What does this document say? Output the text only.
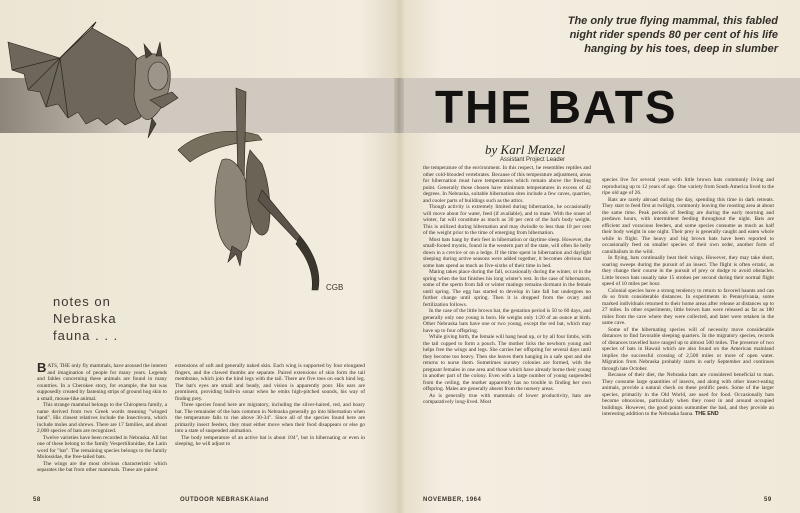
CGB
The only true flying mammal, this fabled night rider spends 80 per cent of his life hanging by his toes, deep in slumber
THE BATS
by Karl Menzel
Assistant Project Leader
notes on Nebraska fauna . . .

BATS, THE only fly mammals, have aroused the interest and imagination of people for many years. Legends and fables concerning these animals are found in many countries. In a Cherokee story, for example, the bat was supposedly created by fastening strips of ground hog skin to a small, mouse-like animal.

This strange mammal belongs to the Chiroptera family, a name derived from two Greek words meaning "winged hand". His closest relatives include the Insectivora, which include moles and shrews. There are 17 families, and about 2,000 species of bats are recognized.

Twelve varieties have been recorded in Nebraska. All but one of these belong to the family Vespertilionidae, the Latin word for "bat". The remaining species belongs to the family Molossidae, the free-tailed bats.

The wings are the most obvious characteristic which separates the bat from other mammals. These are paired

extensions of soft and generally naked skin. Each wing is supported by four elongated fingers, and the clawed thumbs are separate. Paired extensions of skin form the tail membrane, which join the hind legs with the tail. There are five toes on each hind leg. The bat's eyes are small and beady, and vision is apparently poor. His ears are prominent, providing built-in sonar when he emits high-pitched sounds, his way of finding prey.

Three species found here are migratory, including the silver-haired, red, and hoary bat. The remainder of the bats common in Nebraska generally go into hibernation when the temperature falls to rise above 30-34". Since all of the species found here are primarily insect feeders, they must either move when their food disappears or else go into a state of suspended animation.

The body temperature of an active bat is about 104", but in hibernating or even in sleeping, he will adjust to

the temperature of the environment. In this respect, he resembles reptiles and other cold-blooded vertebrates. Because of this temperature adjustment, areas for hibernation must have temperatures which remain above the freezing point. Generally those chosen have minimum temperatures in excess of 42 degrees. In Nebraska, suitable hibernation sites include a few caves, quarries, and cooler parts of buildings such as the attics.

Though activity is extremely limited during hibernation, he occasionally will move about for water, feed (if available), and to mate. With the onset of winter, fat will constitute as much as 30 per cent of the bat's body weight. This is utilized during hibernation and may dwindle to less than 10 per cent of the weight prior to the time of emerging from hibernation.

Most bats hang by their feet in hibernation or daytime sleep. However, the small-footed myotis, found in the western part of the state, will often lie belly down in a crevice or on a ledge. If the time spent in hibernation and daylight sleeping during active seasons were added together, it becomes obvious that some bats spend as much as five-sixths of their time in bed.

Mating takes place during the fall, occasionally during the winter, or in the spring when the bat finishes his long winter's rest. In the case of hibernators, some of the sperm from fall or winter matings remains dormant in the female until spring. The egg has started to develop in late fall but undergoes no further change until spring. Then it is dropped from the ovary and fertilization follows.

In the case of the little brown bat, the gestation period is 50 to 60 days, and generally only one young is born. He weighs only 1/20 of an ounce at birth. Other Nebraska bats have one or two young, except the red bat, which may have up to four offspring.

While giving birth, the female will hang head up, or by all four limbs, with the tail cupped to form a pouch. The mother licks the newborn young and helps free the wings and legs. She carries her offspring for several days until they become too heavy. Then she leaves them hanging in a safe spot and she returns to nurse them. Sometimes nursery colonies are formed, with the pregnant females in one area and those which have already borne their young in another part of the colony. Even with a large number of young suspended from the ceiling, the mother apparently has no trouble in finding her own offspring. Males are generally absent from the nursery areas.

As is generally true with mammals of lower productivity, bats are comparatively long-lived. Most

species live for several years with little brown bats commonly living and reproducing up to 12 years of age. One variety from South America lived to the ripe old age of 26.

Bats are rarely abroad during the day, spending this time in dark retreats. They start to feed first at twilight, commonly leaving the roosting area at about the same time. Peak periods of feeding are during the early morning and predawn hours, with intermittent feeding throughout the night. Bats are efficient and voracious feeders, and some species consume as much as half their body weight in one night. Their prey is generally caught and eaten whole while in flight. The heavy and big brown bats have been reported to occasionally feed on smaller species of their own order, another form of cannibalism in the wild.

In flying, bats continually beat their wings. However, they may take short, soaring sweeps during the pursuit of an insect. The flight is often erratic, as they change their course in the pursuit of prey or dodge to avoid obstacles. Little brown bats usually take 15 strokes per second during their normal flight speed of 10 miles per hour.

Colonial species have a strong tendency to return to favored haunts and can do so from considerable distances. In experiments in Pennsylvania, some marked individuals returned to their home areas after release at distances up to 27 miles. In other experiments, little brown bats were released as far as 180 miles from the cave where they were collected, and later were retaken in the same cave.

Some of the hibernating species will of necessity move considerable distances to find favorable sleeping quarters. In the migratory species, records of distances travelled have ranged up to almost 500 miles. The presence of two species of bats in Hawaii which are also found on the American mainland implies the successful crossing of 2,500 miles or more of open water. Migration from Nebraska probably starts in early September and continues through late October.

Because of their diet, the Nebraska bats are considered beneficial to man. They consume large quantities of insects, and along with other insect-eating animals, provide a natural check on these prolific pests. Some of the larger species, primarily in the Old World, are used for food. Occasionally bats become obnoxious, particularly when they roost in and around occupied buildings. However, the good points outnumber the bad, and they provide an interesting addition to the Nebraska fauna. THE END

58	OUTDOOR NEBRASKAland	NOVEMBER, 1964	59
